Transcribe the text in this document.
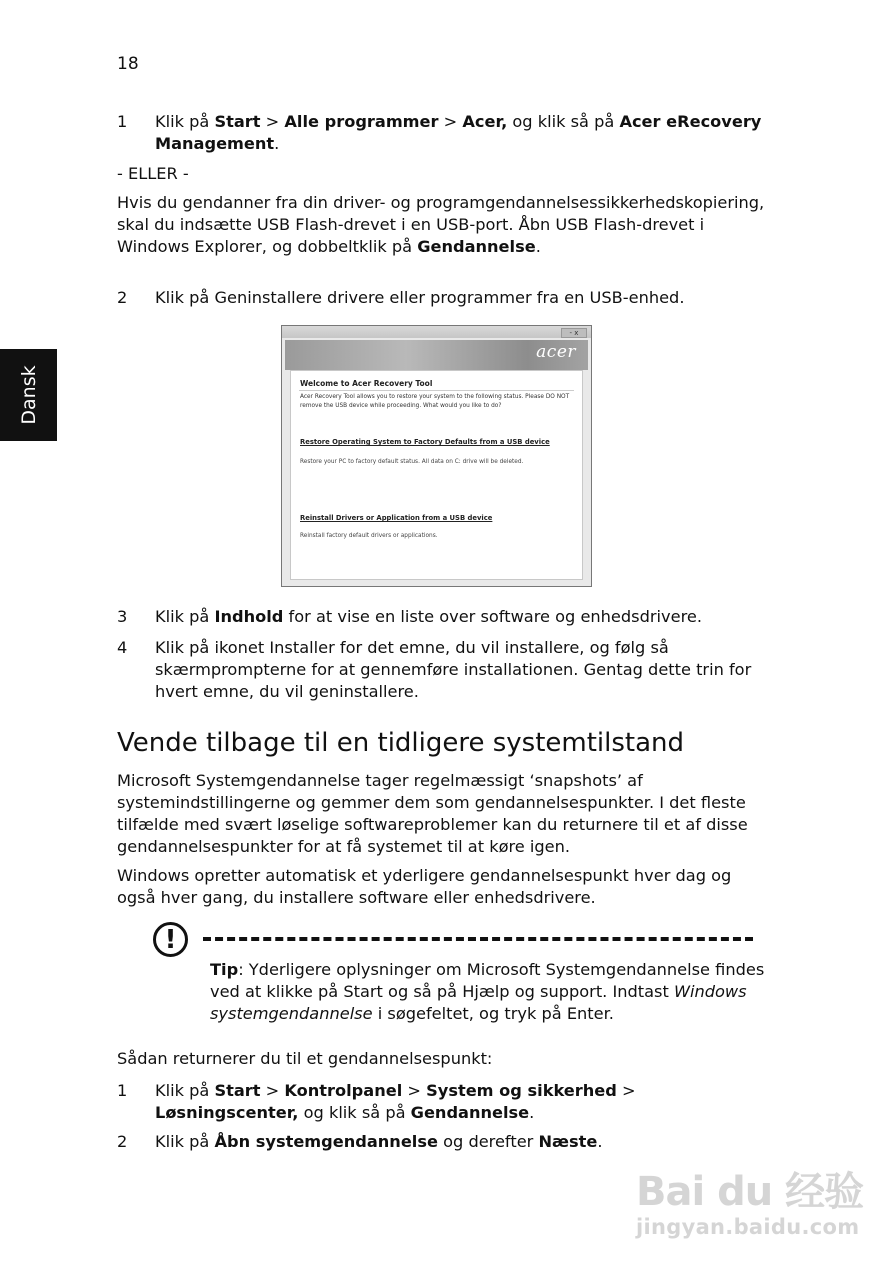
18
Dansk
1 Klik på Start > Alle programmer > Acer, og klik så på Acer eRecovery Management.
- ELLER -
Hvis du gendanner fra din driver- og programgendannelsessikkerhedskopiering, skal du indsætte USB Flash-drevet i en USB-port. Åbn USB Flash-drevet i Windows Explorer, og dobbeltklik på Gendannelse.
2 Klik på Geninstallere drivere eller programmer fra en USB-enhed.
- x
acer
Welcome to Acer Recovery Tool
Acer Recovery Tool allows you to restore your system to the following status. Please DO NOT remove the USB device while proceeding. What would you like to do?
Restore Operating System to Factory Defaults from a USB device
Restore your PC to factory default status. All data on C: drive will be deleted.
Reinstall Drivers or Application from a USB device
Reinstall factory default drivers or applications.
3 Klik på Indhold for at vise en liste over software og enhedsdrivere.
4 Klik på ikonet Installer for det emne, du vil installere, og følg så skærmprompterne for at gennemføre installationen. Gentag dette trin for hvert emne, du vil geninstallere.
Vende tilbage til en tidligere systemtilstand
Microsoft Systemgendannelse tager regelmæssigt ‘snapshots’ af systemindstillingerne og gemmer dem som gendannelsespunkter. I det fleste tilfælde med svært løselige softwareproblemer kan du returnere til et af disse gendannelsespunkter for at få systemet til at køre igen.
Windows opretter automatisk et yderligere gendannelsespunkt hver dag og også hver gang, du installere software eller enhedsdrivere.
!
Tip: Yderligere oplysninger om Microsoft Systemgendannelse findes ved at klikke på Start og så på Hjælp og support. Indtast Windows systemgendannelse i søgefeltet, og tryk på Enter.
Sådan returnerer du til et gendannelsespunkt:
1 Klik på Start > Kontrolpanel > System og sikkerhed > Løsningscenter, og klik så på Gendannelse.
2 Klik på Åbn systemgendannelse og derefter Næste.
Bai du 经验
jingyan.baidu.com
